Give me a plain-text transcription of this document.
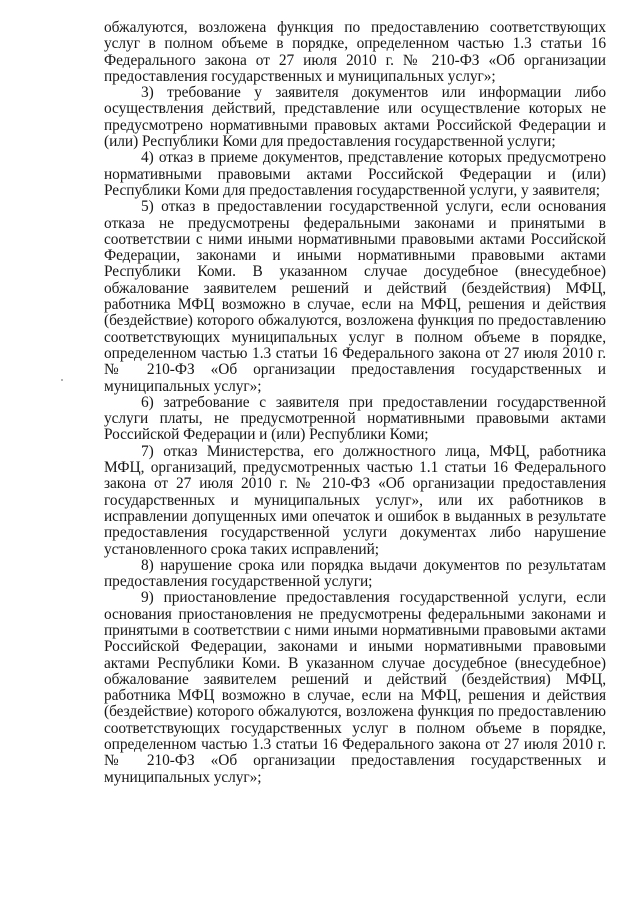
обжалуются, возложена функция по предоставлению соответствующих услуг в полном объеме в порядке, определенном частью 1.3 статьи 16 Федерального закона от 27 июля 2010 г. № 210-ФЗ «Об организации предоставления государственных и муниципальных услуг»;

3) требование у заявителя документов или информации либо осуществления действий, представление или осуществление которых не предусмотрено нормативными правовых актами Российской Федерации и (или) Республики Коми для предоставления государственной услуги;

4) отказ в приеме документов, представление которых предусмотрено нормативными правовыми актами Российской Федерации и (или) Республики Коми для предоставления государственной услуги, у заявителя;

5) отказ в предоставлении государственной услуги, если основания отказа не предусмотрены федеральными законами и принятыми в соответствии с ними иными нормативными правовыми актами Российской Федерации, законами и иными нормативными правовыми актами Республики Коми. В указанном случае досудебное (внесудебное) обжалование заявителем решений и действий (бездействия) МФЦ, работника МФЦ возможно в случае, если на МФЦ, решения и действия (бездействие) которого обжалуются, возложена функция по предоставлению соответствующих муниципальных услуг в полном объеме в порядке, определенном частью 1.3 статьи 16 Федерального закона от 27 июля 2010 г. № 210-ФЗ «Об организации предоставления государственных и муниципальных услуг»;

6) затребование с заявителя при предоставлении государственной услуги платы, не предусмотренной нормативными правовыми актами Российской Федерации и (или) Республики Коми;

7) отказ Министерства, его должностного лица, МФЦ, работника МФЦ, организаций, предусмотренных частью 1.1 статьи 16 Федерального закона от 27 июля 2010 г. № 210-ФЗ «Об организации предоставления государственных и муниципальных услуг», или их работников в исправлении допущенных ими опечаток и ошибок в выданных в результате предоставления государственной услуги документах либо нарушение установленного срока таких исправлений;

8) нарушение срока или порядка выдачи документов по результатам предоставления государственной услуги;

9) приостановление предоставления государственной услуги, если основания приостановления не предусмотрены федеральными законами и принятыми в соответствии с ними иными нормативными правовыми актами Российской Федерации, законами и иными нормативными правовыми актами Республики Коми. В указанном случае досудебное (внесудебное) обжалование заявителем решений и действий (бездействия) МФЦ, работника МФЦ возможно в случае, если на МФЦ, решения и действия (бездействие) которого обжалуются, возложена функция по предоставлению соответствующих государственных услуг в полном объеме в порядке, определенном частью 1.3 статьи 16 Федерального закона от 27 июля 2010 г. № 210-ФЗ «Об организации предоставления государственных и муниципальных услуг»;
